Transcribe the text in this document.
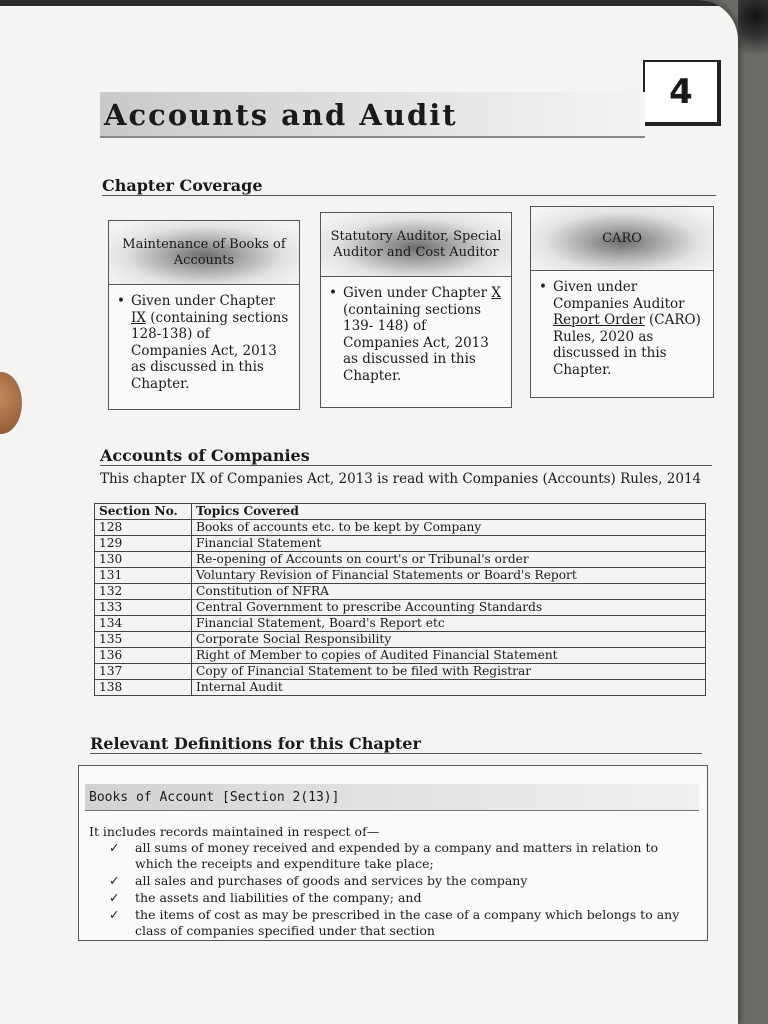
4
Accounts and Audit
Chapter Coverage
Maintenance of Books of Accounts
• Given under Chapter IX (containing sections 128-138) of Companies Act, 2013 as discussed in this Chapter.
Statutory Auditor, Special Auditor and Cost Auditor
• Given under Chapter X (containing sections 139- 148) of Companies Act, 2013 as discussed in this Chapter.
CARO
• Given under Companies Auditor Report Order (CARO) Rules, 2020 as discussed in this Chapter.
Accounts of Companies

This chapter IX of Companies Act, 2013 is read with Companies (Accounts) Rules, 2014

Section No.	Topics Covered
128	Books of accounts etc. to be kept by Company
129	Financial Statement
130	Re-opening of Accounts on court's or Tribunal's order
131	Voluntary Revision of Financial Statements or Board's Report
132	Constitution of NFRA
133	Central Government to prescribe Accounting Standards
134	Financial Statement, Board's Report etc
135	Corporate Social Responsibility
136	Right of Member to copies of Audited Financial Statement
137	Copy of Financial Statement to be filed with Registrar
138	Internal Audit
Relevant Definitions for this Chapter

Books of Account [Section 2(13)]

It includes records maintained in respect of—

✓ all sums of money received and expended by a company and matters in relation to which the receipts and expenditure take place;
✓ all sales and purchases of goods and services by the company
✓ the assets and liabilities of the company; and
✓ the items of cost as may be prescribed in the case of a company which belongs to any class of companies specified under that section
